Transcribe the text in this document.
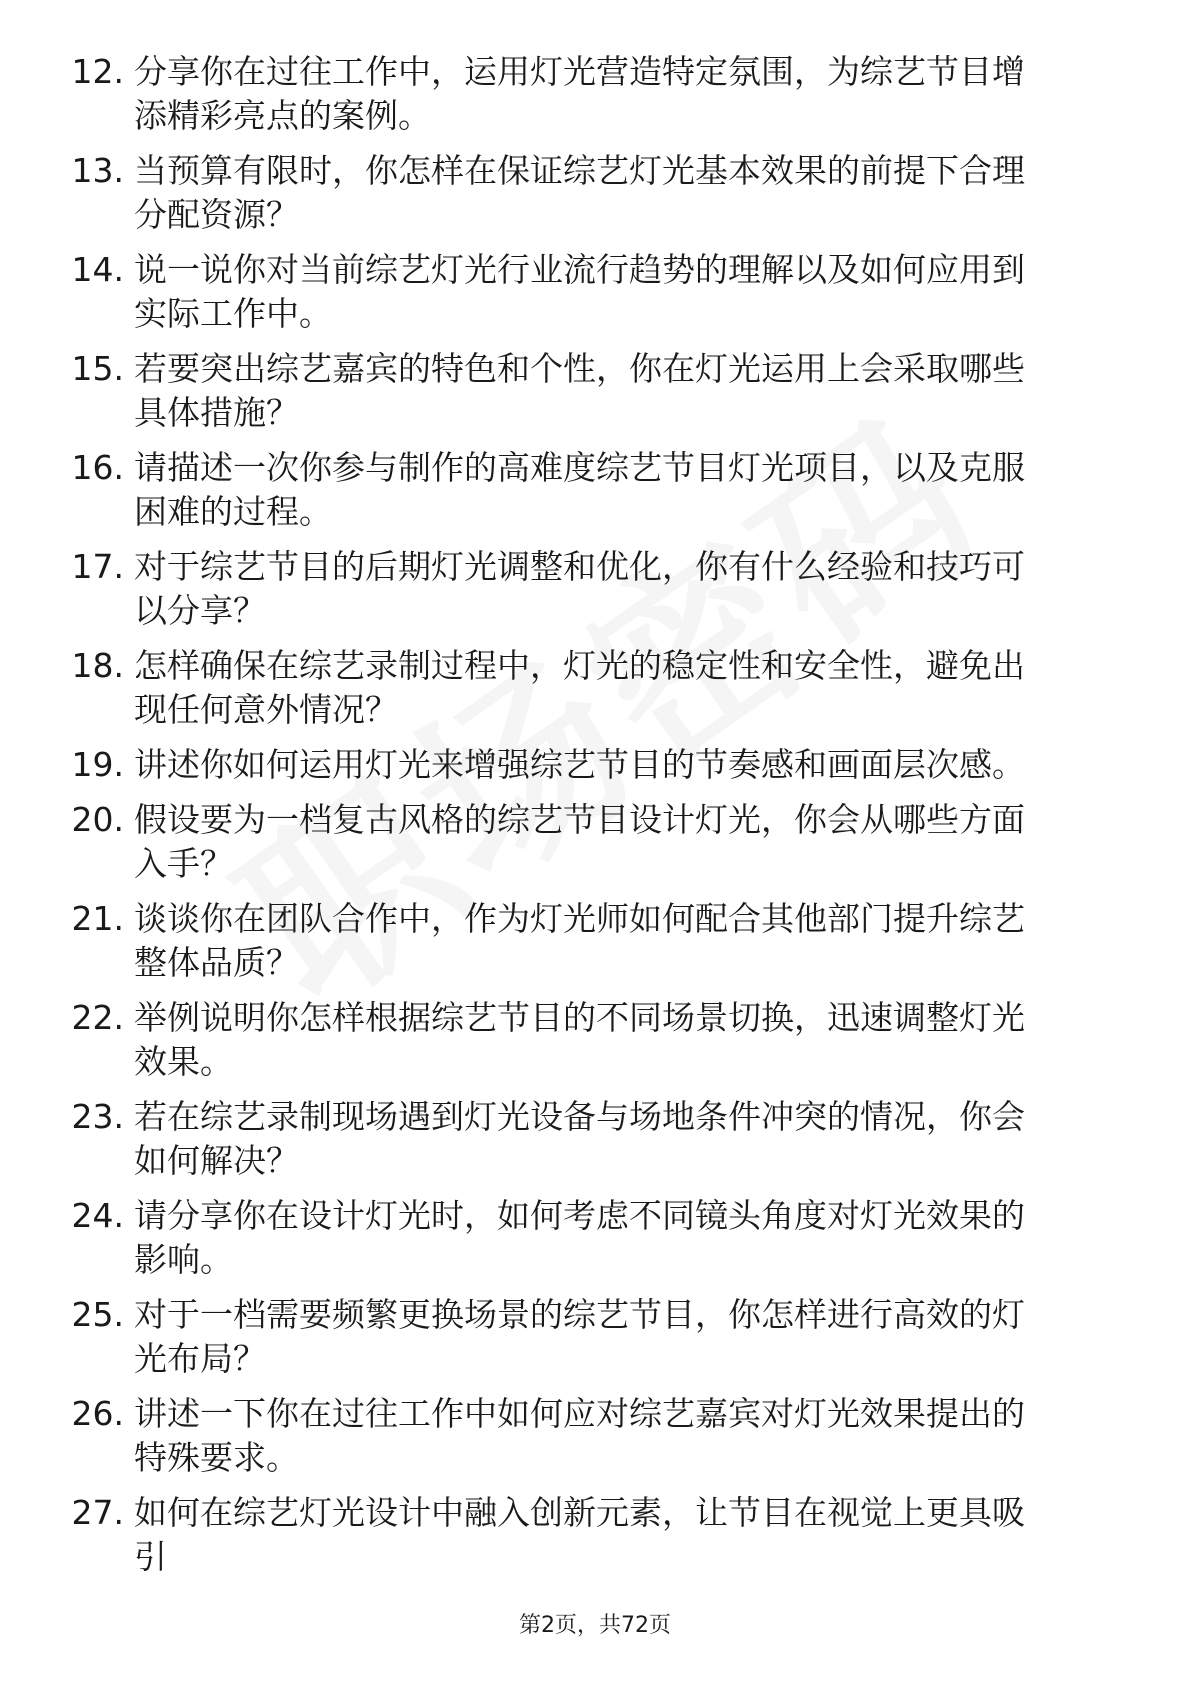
12. 分享你在过往工作中，运用灯光营造特定氛围，为综艺节目增添精彩亮点的案例。
13. 当预算有限时，你怎样在保证综艺灯光基本效果的前提下合理分配资源？
14. 说一说你对当前综艺灯光行业流行趋势的理解以及如何应用到实际工作中。
15. 若要突出综艺嘉宾的特色和个性，你在灯光运用上会采取哪些具体措施？
16. 请描述一次你参与制作的高难度综艺节目灯光项目，以及克服困难的过程。
17. 对于综艺节目的后期灯光调整和优化，你有什么经验和技巧可以分享？
18. 怎样确保在综艺录制过程中，灯光的稳定性和安全性，避免出现任何意外情况？
19. 讲述你如何运用灯光来增强综艺节目的节奏感和画面层次感。
20. 假设要为一档复古风格的综艺节目设计灯光，你会从哪些方面入手？
21. 谈谈你在团队合作中，作为灯光师如何配合其他部门提升综艺整体品质？
22. 举例说明你怎样根据综艺节目的不同场景切换，迅速调整灯光效果。
23. 若在综艺录制现场遇到灯光设备与场地条件冲突的情况，你会如何解决？
24. 请分享你在设计灯光时，如何考虑不同镜头角度对灯光效果的影响。
25. 对于一档需要频繁更换场景的综艺节目，你怎样进行高效的灯光布局？
26. 讲述一下你在过往工作中如何应对综艺嘉宾对灯光效果提出的特殊要求。
27. 如何在综艺灯光设计中融入创新元素，让节目在视觉上更具吸引
第2页，共72页
